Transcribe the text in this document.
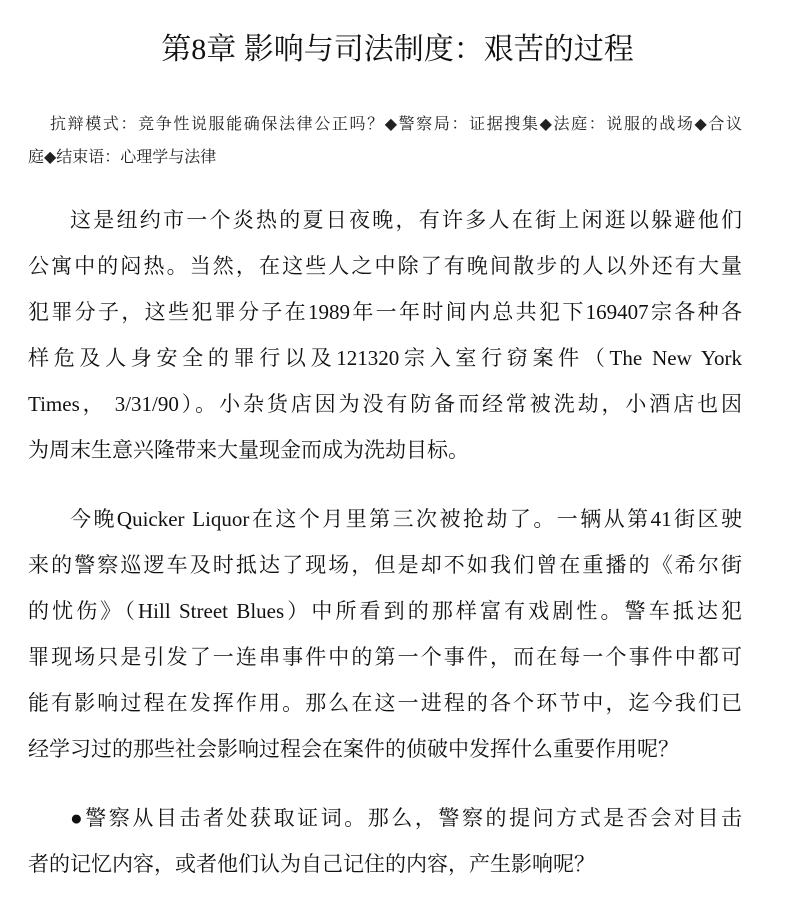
第8章 影响与司法制度：艰苦的过程
抗辩模式：竞争性说服能确保法律公正吗？◆警察局：证据搜集◆法庭：说服的战场◆合议
庭◆结束语：心理学与法律
这是纽约市一个炎热的夏日夜晚，有许多人在街上闲逛以躲避他们
公寓中的闷热。当然，在这些人之中除了有晚间散步的人以外还有大量
犯罪分子，这些犯罪分子在1989年一年时间内总共犯下169407宗各种各
样危及人身安全的罪行以及121320宗入室行窃案件（The New York
Times， 3/31/90）。小杂货店因为没有防备而经常被洗劫，小酒店也因
为周末生意兴隆带来大量现金而成为洗劫目标。
今晚Quicker Liquor在这个月里第三次被抢劫了。一辆从第41街区驶
来的警察巡逻车及时抵达了现场，但是却不如我们曾在重播的《希尔街
的忧伤》（Hill Street Blues）中所看到的那样富有戏剧性。警车抵达犯
罪现场只是引发了一连串事件中的第一个事件，而在每一个事件中都可
能有影响过程在发挥作用。那么在这一进程的各个环节中，迄今我们已
经学习过的那些社会影响过程会在案件的侦破中发挥什么重要作用呢？
●警察从目击者处获取证词。那么，警察的提问方式是否会对目击
者的记忆内容，或者他们认为自己记住的内容，产生影响呢？
